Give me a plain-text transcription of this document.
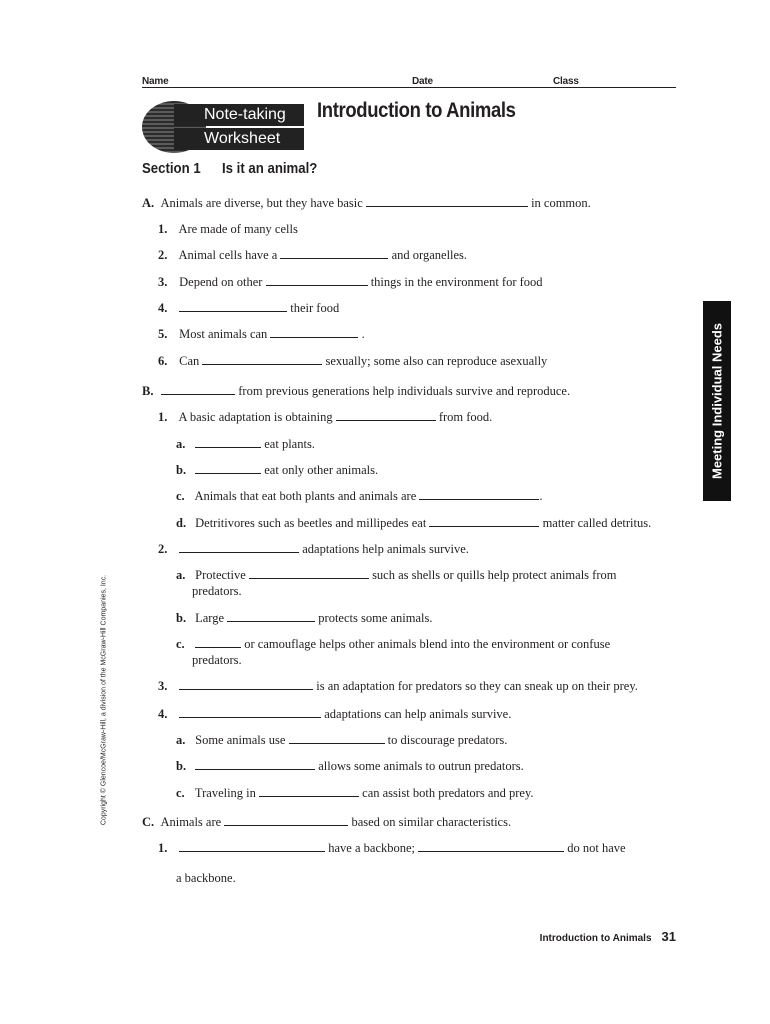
Name	Date	Class
Note-taking
Worksheet
Introduction to Animals
Section 1 Is it an animal?
Meeting Individual Needs
Copyright © Glencoe/McGraw-Hill, a division of the McGraw-Hill Companies, Inc.
A. Animals are diverse, but they have basic	in common.
1. Are made of many cells
2. Animal cells have a	and organelles.
3. Depend on other	things in the environment for food
4.	their food
5. Most animals can	.
6. Can	sexually; some also can reproduce asexually
B.	from previous generations help individuals survive and reproduce.
1. A basic adaptation is obtaining	from food.
a.	eat plants.
b.	eat only other animals.
c. Animals that eat both plants and animals are	.
d. Detritivores such as beetles and millipedes eat	matter called detritus.
2.	adaptations help animals survive.
a. Protective	such as shells or quills help protect animals from
predators.
b. Large	protects some animals.
c.	or camouflage helps other animals blend into the environment or confuse
predators.
3.	is an adaptation for predators so they can sneak up on their prey.
4.	adaptations can help animals survive.
a. Some animals use	to discourage predators.
b.	allows some animals to outrun predators.
c. Traveling in	can assist both predators and prey.
C. Animals are	based on similar characteristics.
1.	have a backbone;	do not have
a backbone.
Introduction to Animals 31
